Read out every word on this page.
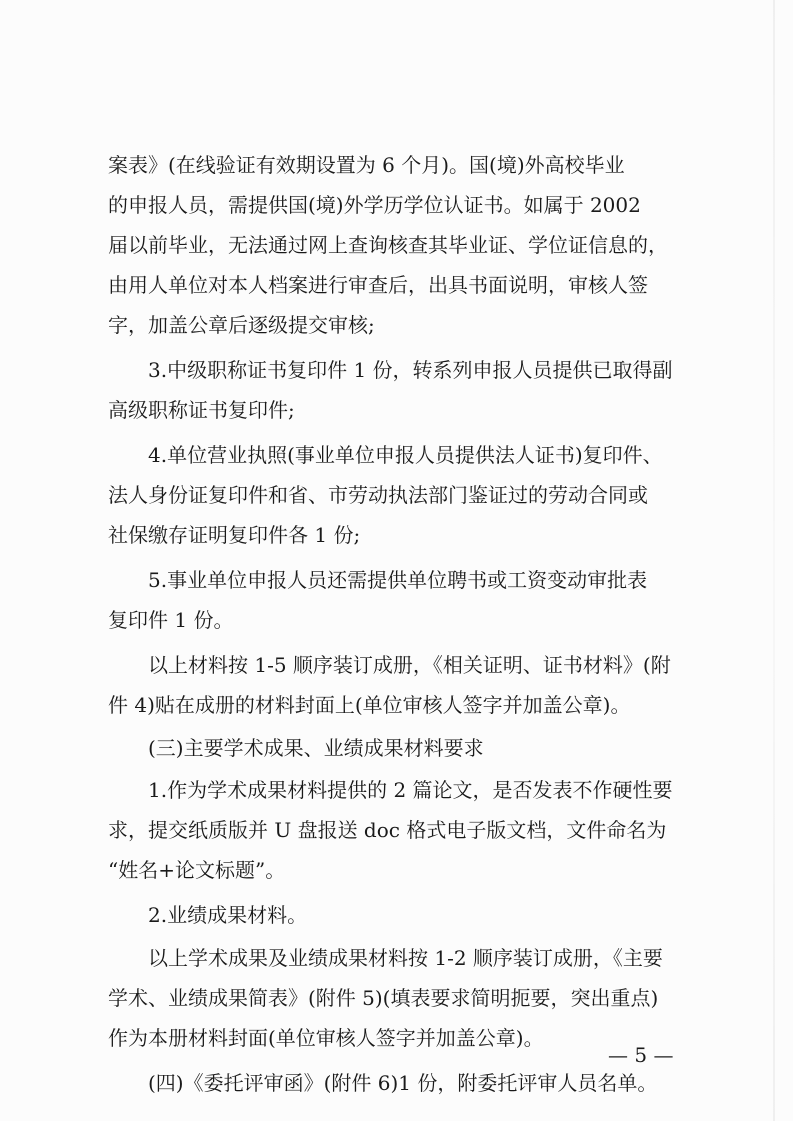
案表》(在线验证有效期设置为 6 个月)。国(境)外高校毕业
的申报人员，需提供国(境)外学历学位认证书。如属于 2002
届以前毕业，无法通过网上查询核查其毕业证、学位证信息的，
由用人单位对本人档案进行审查后，出具书面说明，审核人签
字，加盖公章后逐级提交审核;
3.中级职称证书复印件 1 份，转系列申报人员提供已取得副
高级职称证书复印件;
4.单位营业执照(事业单位申报人员提供法人证书)复印件、
法人身份证复印件和省、市劳动执法部门鉴证过的劳动合同或
社保缴存证明复印件各 1 份;
5.事业单位申报人员还需提供单位聘书或工资变动审批表
复印件 1 份。
以上材料按 1-5 顺序装订成册，《相关证明、证书材料》(附
件 4)贴在成册的材料封面上(单位审核人签字并加盖公章)。
(三)主要学术成果、业绩成果材料要求
1.作为学术成果材料提供的 2 篇论文，是否发表不作硬性要
求，提交纸质版并 U 盘报送 doc 格式电子版文档，文件命名为
“姓名+论文标题”。
2.业绩成果材料。
以上学术成果及业绩成果材料按 1-2 顺序装订成册，《主要
学术、业绩成果简表》(附件 5)(填表要求简明扼要，突出重点)
作为本册材料封面(单位审核人签字并加盖公章)。
(四)《委托评审函》(附件 6)1 份，附委托评审人员名单。
— 5 —
